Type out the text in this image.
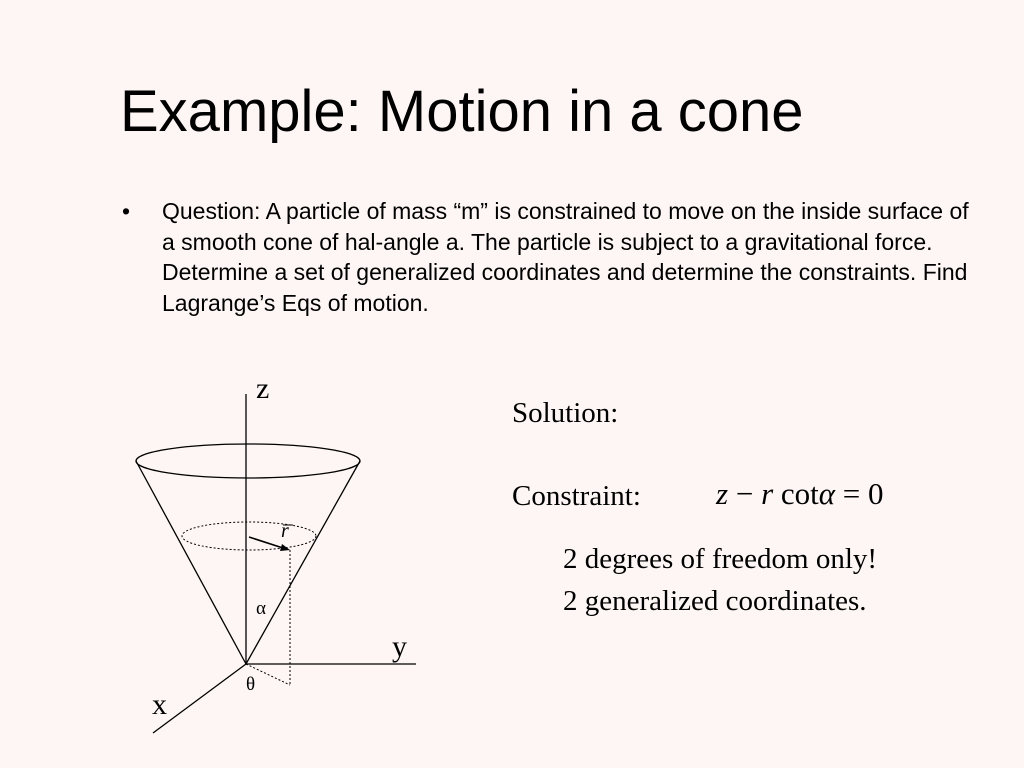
Example: Motion in a cone
• Question: A particle of mass “m” is constrained to move on the inside surface of a smooth cone of hal-angle a. The particle is subject to a gravitational force. Determine a set of generalized coordinates and determine the constraints. Find Lagrange’s Eqs of motion.
z
y
x
α
θ
r
Solution:
Constraint: z − r cotα = 0
2 degrees of freedom only!
2 generalized coordinates.
